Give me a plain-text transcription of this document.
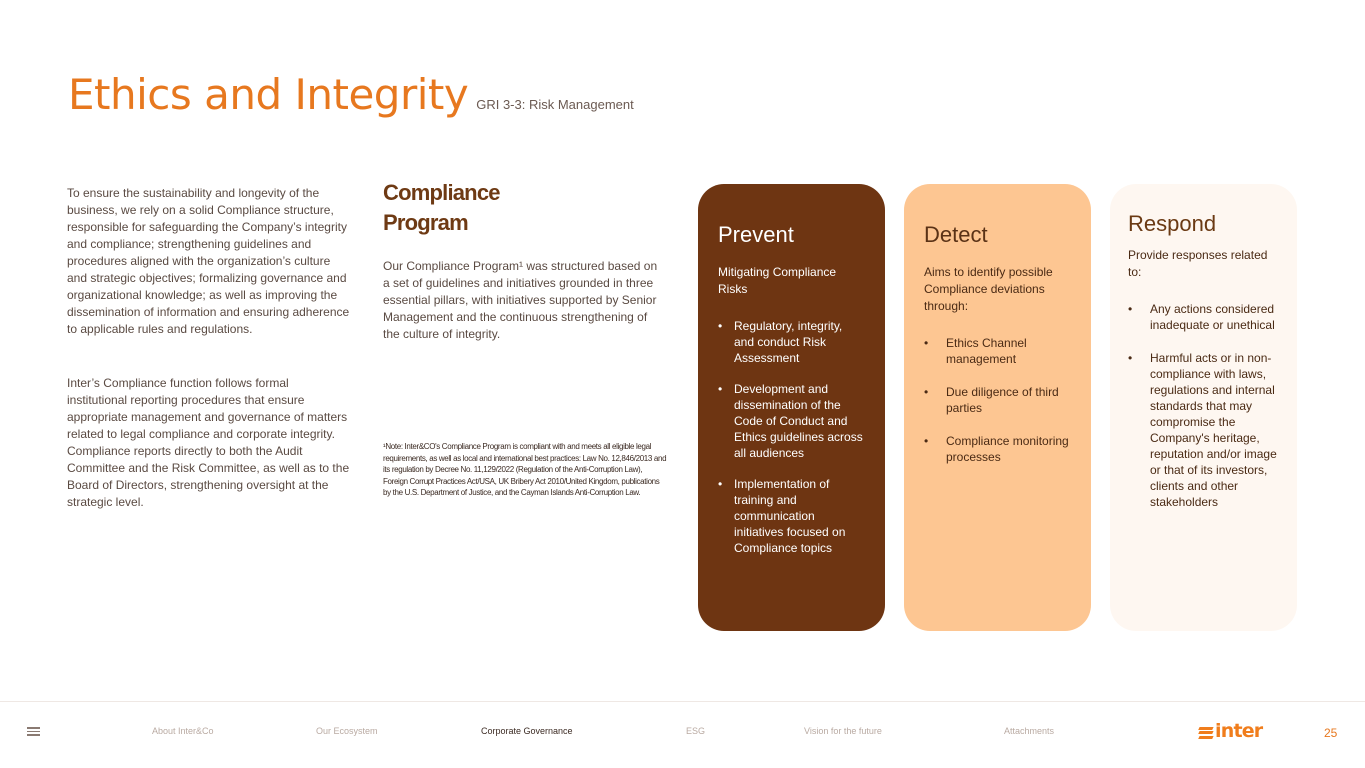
Ethics and Integrity GRI 3-3: Risk Management

To ensure the sustainability and longevity of the business, we rely on a solid Compliance structure, responsible for safeguarding the Company’s integrity and compliance; strengthening guidelines and procedures aligned with the organization’s culture and strategic objectives; formalizing governance and organizational knowledge; as well as improving the dissemination of information and ensuring adherence to applicable rules and regulations.

Inter’s Compliance function follows formal institutional reporting procedures that ensure appropriate management and governance of matters related to legal compliance and corporate integrity. Compliance reports directly to both the Audit Committee and the Risk Committee, as well as to the Board of Directors, strengthening oversight at the strategic level.

Compliance
Program

Our Compliance Program¹ was structured based on a set of guidelines and initiatives grounded in three essential pillars, with initiatives supported by Senior Management and the continuous strengthening of the culture of integrity.

¹Note: Inter&CO's Compliance Program is compliant with and meets all eligible legal requirements, as well as local and international best practices: Law No. 12,846/2013 and its regulation by Decree No. 11,129/2022 (Regulation of the Anti-Corruption Law), Foreign Corrupt Practices Act/USA, UK Bribery Act 2010/United Kingdom, publications by the U.S. Department of Justice, and the Cayman Islands Anti-Corruption Law.

Prevent
Mitigating Compliance Risks
• Regulatory, integrity, and conduct Risk Assessment
• Development and dissemination of the Code of Conduct and Ethics guidelines across all audiences
• Implementation of training and communication initiatives focused on Compliance topics
Detect
Aims to identify possible Compliance deviations through:
• Ethics Channel management
• Due diligence of third parties
• Compliance monitoring processes
Respond
Provide responses related to:
• Any actions considered inadequate or unethical
• Harmful acts or in non-compliance with laws, regulations and internal standards that may compromise the Company's heritage, reputation and/or image or that of its investors, clients and other stakeholders
About Inter&Co	Our Ecosystem	Corporate Governance	ESG	Vision for the future	Attachments	inter	25
